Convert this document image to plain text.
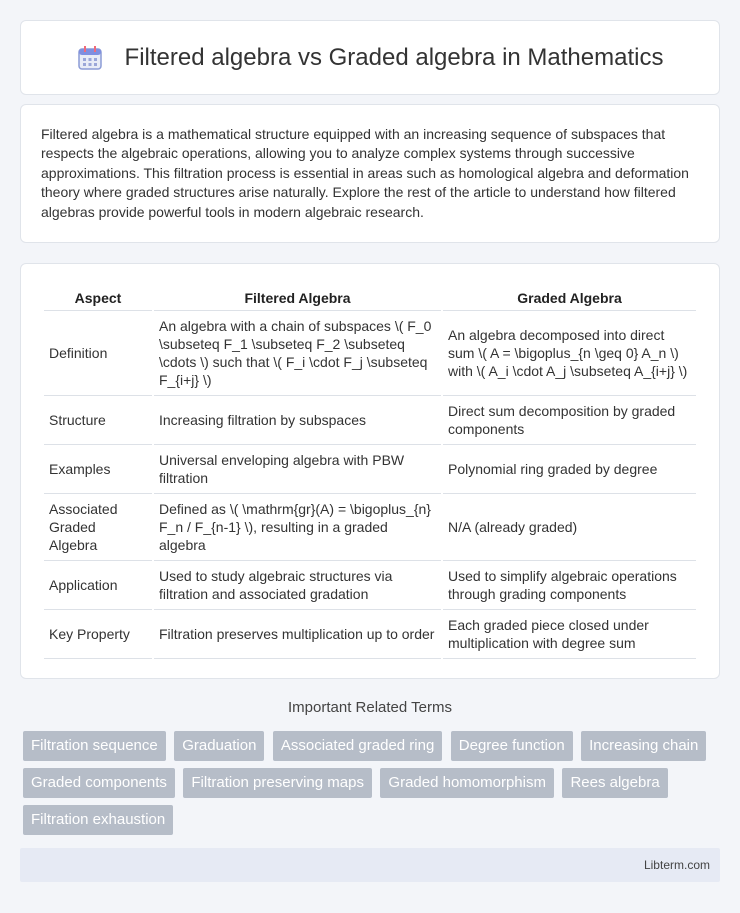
Filtered algebra vs Graded algebra in Mathematics

Filtered algebra is a mathematical structure equipped with an increasing sequence of subspaces that respects the algebraic operations, allowing you to analyze complex systems through successive approximations. This filtration process is essential in areas such as homological algebra and deformation theory where graded structures arise naturally. Explore the rest of the article to understand how filtered algebras provide powerful tools in modern algebraic research.

Aspect	Filtered Algebra	Graded Algebra
Definition	An algebra with a chain of subspaces \( F_0 \subseteq F_1 \subseteq F_2 \subseteq \cdots \) such that \( F_i \cdot F_j \subseteq F_{i+j} \)	An algebra decomposed into direct sum \( A = \bigoplus_{n \geq 0} A_n \) with \( A_i \cdot A_j \subseteq A_{i+j} \)
Structure	Increasing filtration by subspaces	Direct sum decomposition by graded components
Examples	Universal enveloping algebra with PBW filtration	Polynomial ring graded by degree
Associated Graded Algebra	Defined as \( \mathrm{gr}(A) = \bigoplus_{n} F_n / F_{n-1} \), resulting in a graded algebra	N/A (already graded)
Application	Used to study algebraic structures via filtration and associated gradation	Used to simplify algebraic operations through grading components
Key Property	Filtration preserves multiplication up to order	Each graded piece closed under multiplication with degree sum
Important Related Terms
Filtration sequence Graduation Associated graded ring Degree function Increasing chain Graded components Filtration preserving maps Graded homomorphism Rees algebra Filtration exhaustion
Libterm.com
